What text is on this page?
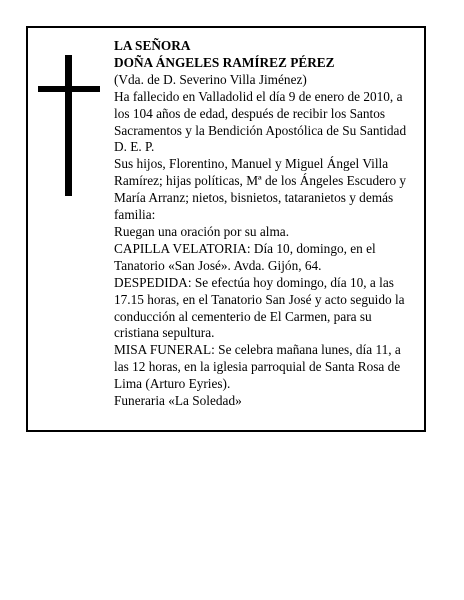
LA SEÑORA

DOÑA ÁNGELES RAMÍREZ PÉREZ

(Vda. de D. Severino Villa Jiménez)

Ha fallecido en Valladolid el día 9 de enero de 2010, a los 104 años de edad, después de recibir los Santos Sacramentos y la Bendición Apostólica de Su Santidad

D. E. P.

Sus hijos, Florentino, Manuel y Miguel Ángel Villa Ramírez; hijas políticas, Mª de los Ángeles Escudero y María Arranz; nietos, bisnietos, tataranietos y demás familia:

Ruegan una oración por su alma.

CAPILLA VELATORIA: Día 10, domingo, en el Tanatorio «San José». Avda. Gijón, 64.

DESPEDIDA: Se efectúa hoy domingo, día 10, a las 17.15 horas, en el Tanatorio San José y acto seguido la conducción al cementerio de El Carmen, para su cristiana sepultura.

MISA FUNERAL: Se celebra mañana lunes, día 11, a las 12 horas, en la iglesia parroquial de Santa Rosa de Lima (Arturo Eyries).

Funeraria «La Soledad»
